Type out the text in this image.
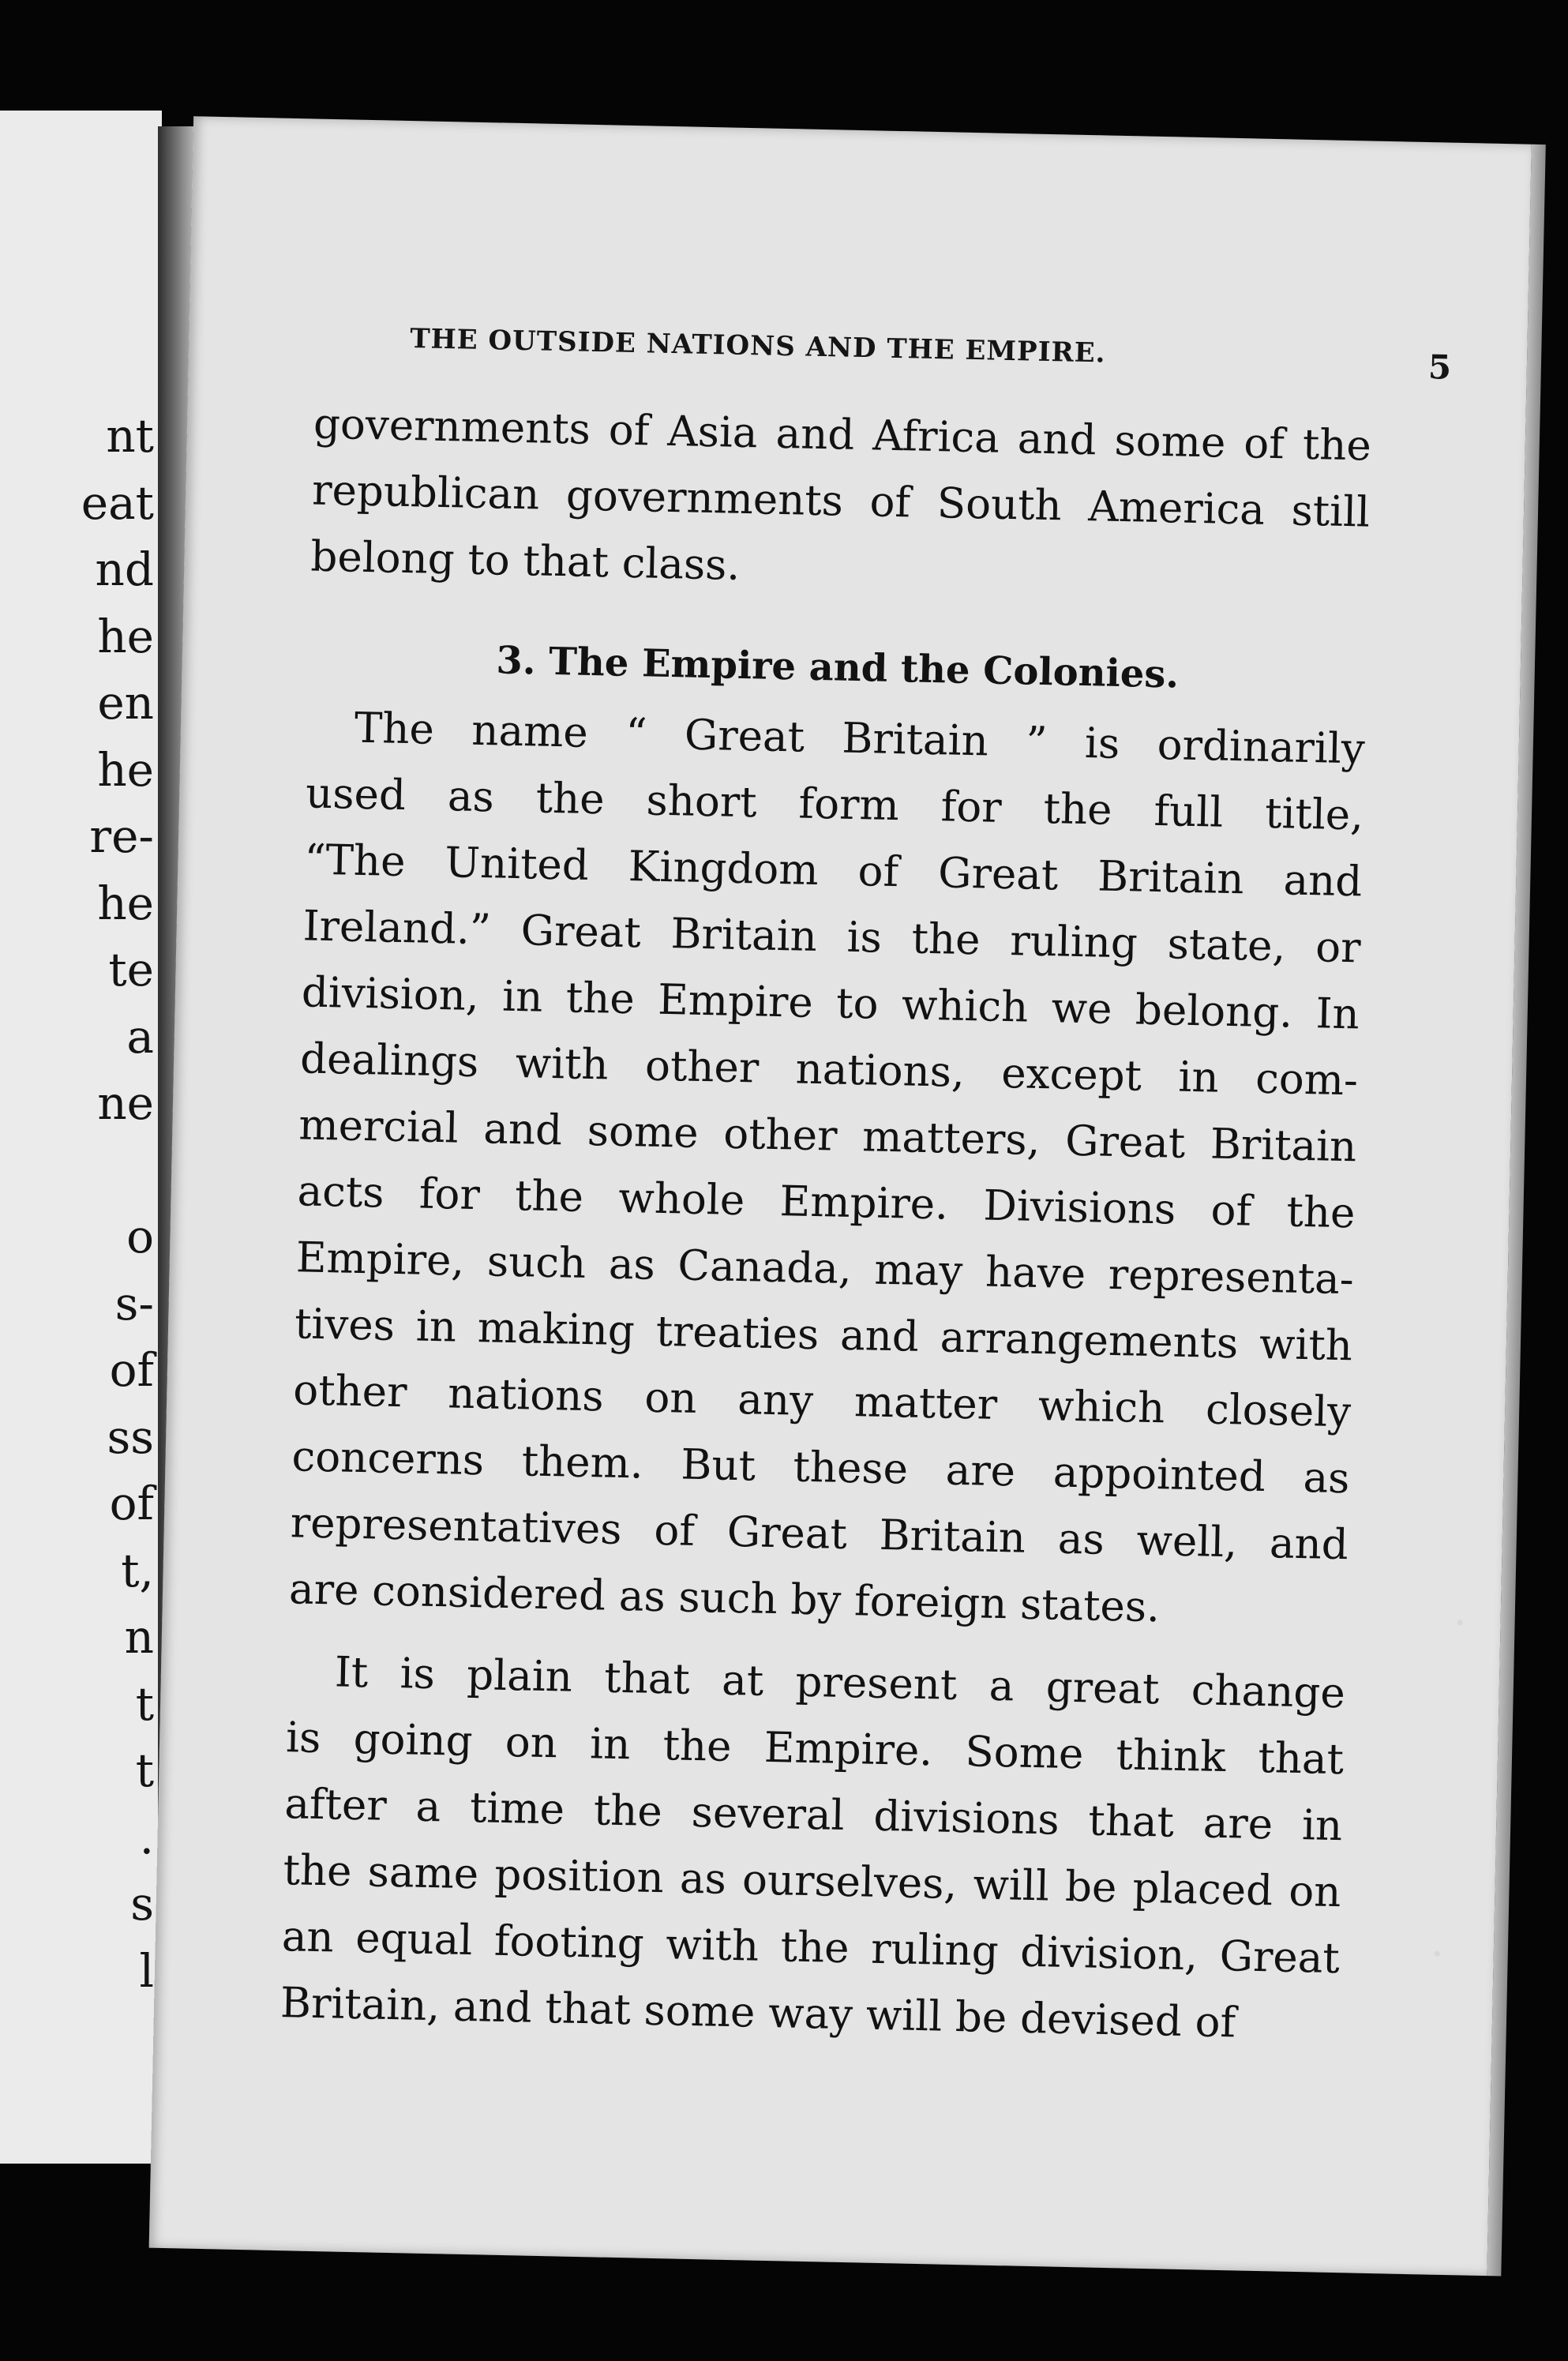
nt
eat
nd
he
en
he
re-
he
te
a
ne
o
s-
of
ss
of
t,
n
t
t
.
s
l
THE OUTSIDE NATIONS AND THE EMPIRE.	5
governments of Asia and Africa and some of the
republican governments of South America still
belong to that class.
3. The Empire and the Colonies.
The name “ Great Britain ” is ordinarily
used as the short form for the full title,
“The United Kingdom of Great Britain and
Ireland.” Great Britain is the ruling state, or
division, in the Empire to which we belong. In
dealings with other nations, except in com-
mercial and some other matters, Great Britain
acts for the whole Empire. Divisions of the
Empire, such as Canada, may have representa-
tives in making treaties and arrangements with
other nations on any matter which closely
concerns them. But these are appointed as
representatives of Great Britain as well, and
are considered as such by foreign states.
It is plain that at present a great change
is going on in the Empire. Some think that
after a time the several divisions that are in
the same position as ourselves, will be placed on
an equal footing with the ruling division, Great
Britain, and that some way will be devised of
